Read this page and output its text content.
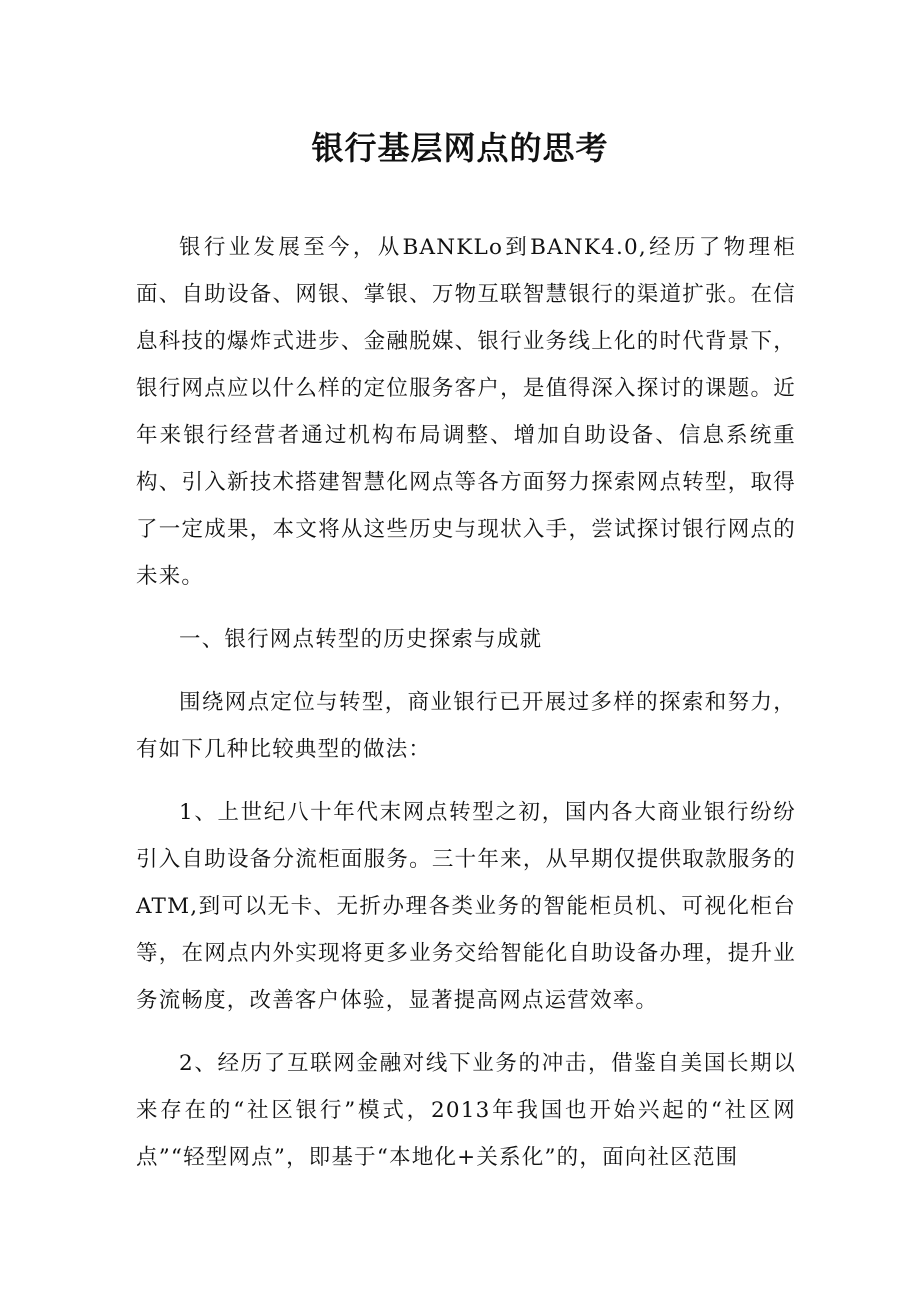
银行基层网点的思考

银行业发展至今，从BANKLo到BANK4.0,经历了物理柜面、自助设备、网银、掌银、万物互联智慧银行的渠道扩张。在信息科技的爆炸式进步、金融脱媒、银行业务线上化的时代背景下，银行网点应以什么样的定位服务客户，是值得深入探讨的课题。近年来银行经营者通过机构布局调整、增加自助设备、信息系统重构、引入新技术搭建智慧化网点等各方面努力探索网点转型，取得了一定成果，本文将从这些历史与现状入手，尝试探讨银行网点的未来。

一、银行网点转型的历史探索与成就

围绕网点定位与转型，商业银行已开展过多样的探索和努力，有如下几种比较典型的做法：

1、上世纪八十年代末网点转型之初，国内各大商业银行纷纷引入自助设备分流柜面服务。三十年来，从早期仅提供取款服务的ATM,到可以无卡、无折办理各类业务的智能柜员机、可视化柜台等，在网点内外实现将更多业务交给智能化自助设备办理，提升业务流畅度，改善客户体验，显著提高网点运营效率。

2、经历了互联网金融对线下业务的冲击，借鉴自美国长期以来存在的“社区银行”模式，2013年我国也开始兴起的“社区网点”“轻型网点”，即基于“本地化+关系化”的，面向社区范围
